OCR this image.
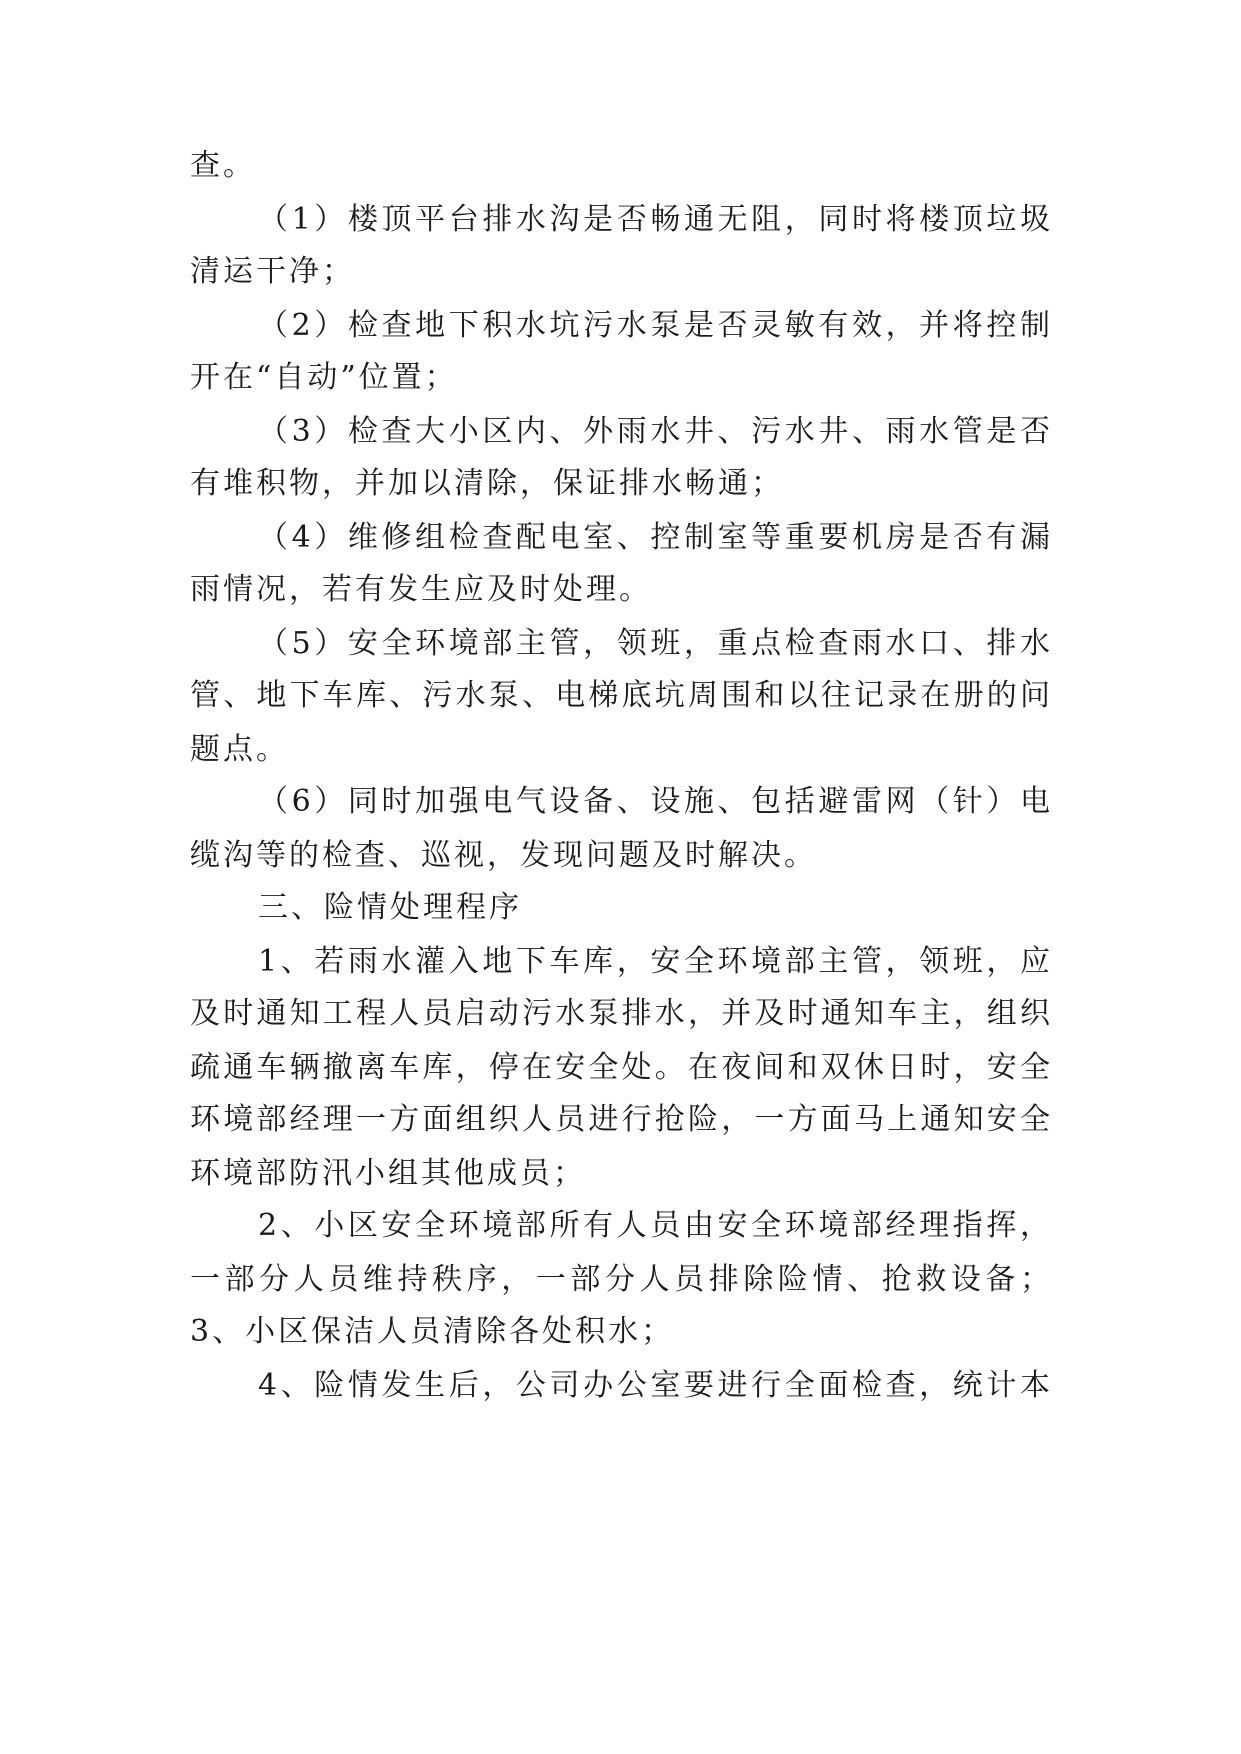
查。
（1）楼顶平台排水沟是否畅通无阻，同时将楼顶垃圾
清运干净；
（2）检查地下积水坑污水泵是否灵敏有效，并将控制
开在“自动”位置；
（3）检查大小区内、外雨水井、污水井、雨水管是否
有堆积物，并加以清除，保证排水畅通；
（4）维修组检查配电室、控制室等重要机房是否有漏
雨情况，若有发生应及时处理。
（5）安全环境部主管，领班，重点检查雨水口、排水
管、地下车库、污水泵、电梯底坑周围和以往记录在册的问
题点。
（6）同时加强电气设备、设施、包括避雷网（针）电
缆沟等的检查、巡视，发现问题及时解决。
三、险情处理程序
1、若雨水灌入地下车库，安全环境部主管，领班，应
及时通知工程人员启动污水泵排水，并及时通知车主，组织
疏通车辆撤离车库，停在安全处。在夜间和双休日时，安全
环境部经理一方面组织人员进行抢险，一方面马上通知安全
环境部防汛小组其他成员；
2、小区安全环境部所有人员由安全环境部经理指挥，
一部分人员维持秩序，一部分人员排除险情、抢救设备；
3、小区保洁人员清除各处积水；
4、险情发生后，公司办公室要进行全面检查，统计本
